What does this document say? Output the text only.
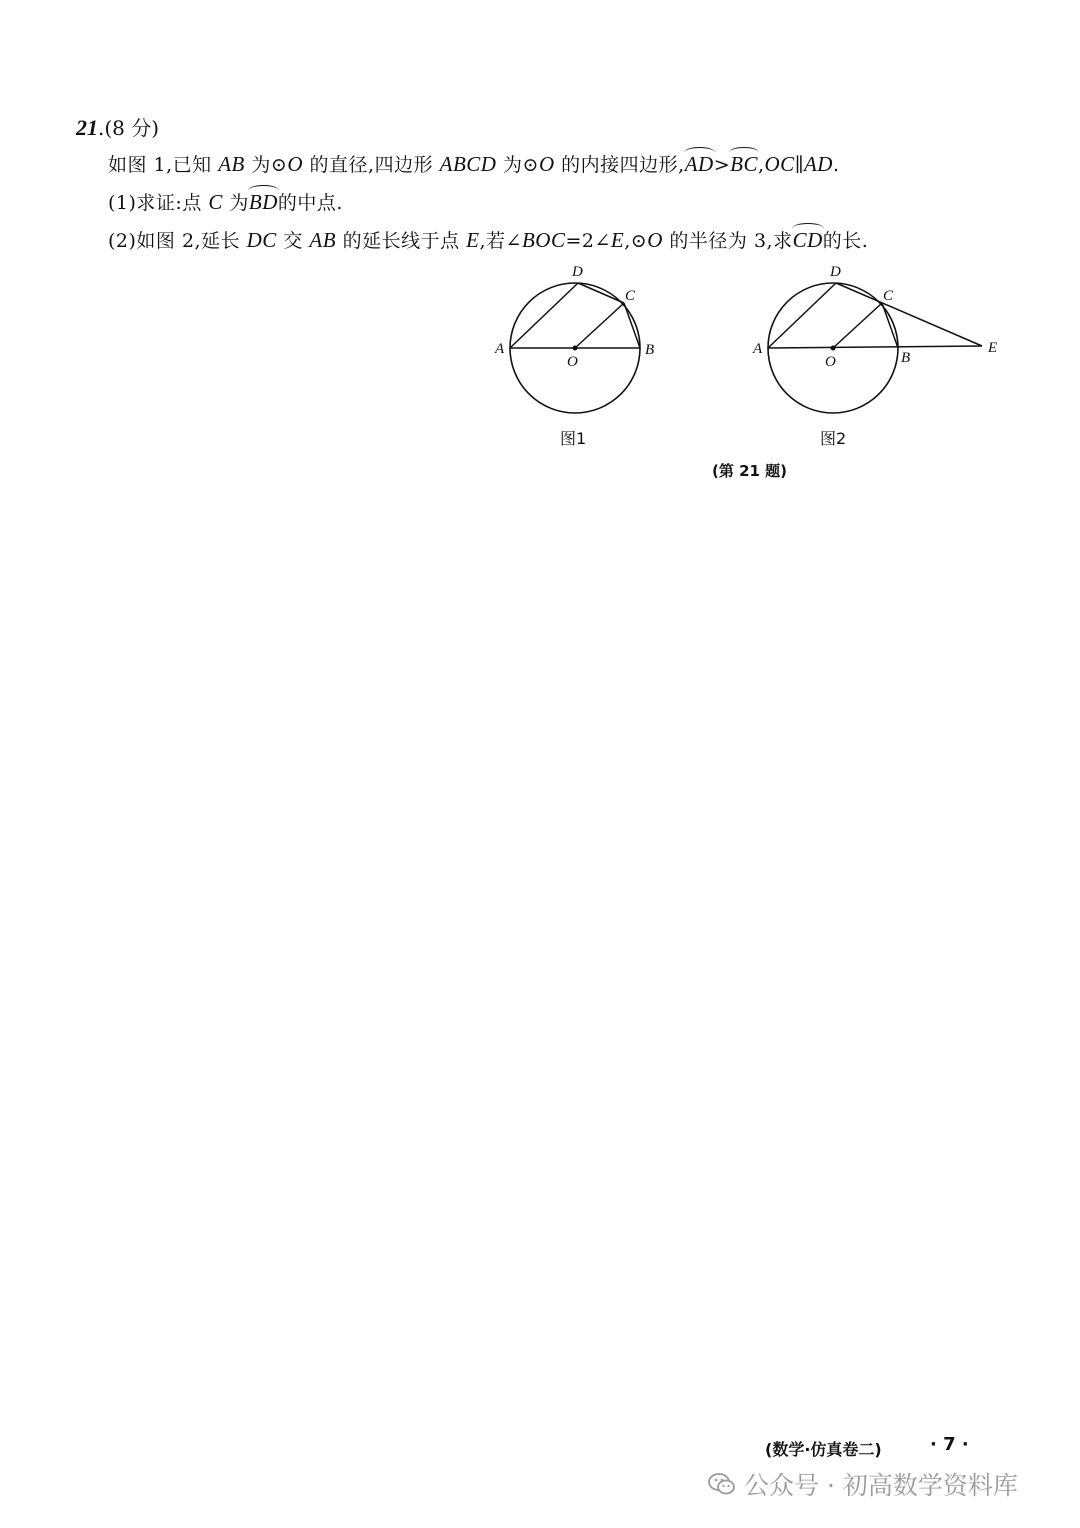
21.(8 分)
如图 1,已知 AB 为⊙O 的直径,四边形 ABCD 为⊙O 的内接四边形,AD>BC,OC∥AD.
(1)求证:点 C 为BD的中点.
(2)如图 2,延长 DC 交 AB 的延长线于点 E,若∠BOC=2∠E,⊙O 的半径为 3,求CD的长.
A	B
C
D
O
图1
A
B
C
D
O
E
图2
(第 21 题)
(数学·仿真卷二)	· 7 ·
公众号 · 初高数学资料库
